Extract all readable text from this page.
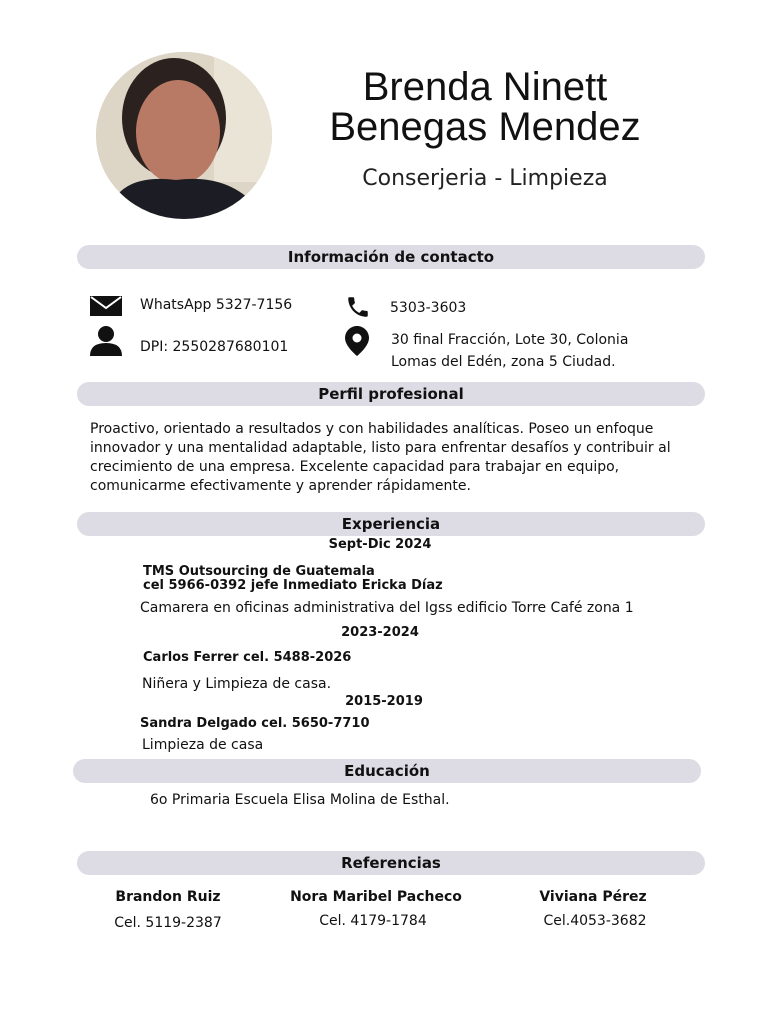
Brenda Ninett
Benegas Mendez
Conserjeria - Limpieza
Información de contacto
WhatsApp 5327-7156	5303-3603
DPI: 2550287680101	30 final Fracción, Lote 30, Colonia
Lomas del Edén, zona 5 Ciudad.
Perfil profesional
Proactivo, orientado a resultados y con habilidades analíticas. Poseo un enfoque
innovador y una mentalidad adaptable, listo para enfrentar desafíos y contribuir al
crecimiento de una empresa. Excelente capacidad para trabajar en equipo,
comunicarme efectivamente y aprender rápidamente.
Experiencia
Sept-Dic 2024
TMS Outsourcing de Guatemala
cel 5966-0392 jefe Inmediato Ericka Díaz
Camarera en oficinas administrativa del Igss edificio Torre Café zona 1
2023-2024
Carlos Ferrer cel. 5488-2026
Niñera y Limpieza de casa.
2015-2019
Sandra Delgado cel. 5650-7710
Limpieza de casa
Educación
6o Primaria Escuela Elisa Molina de Esthal.
Referencias
Brandon Ruiz
Cel. 5119-2387
Nora Maribel Pacheco
Cel. 4179-1784
Viviana Pérez
Cel.4053-3682
